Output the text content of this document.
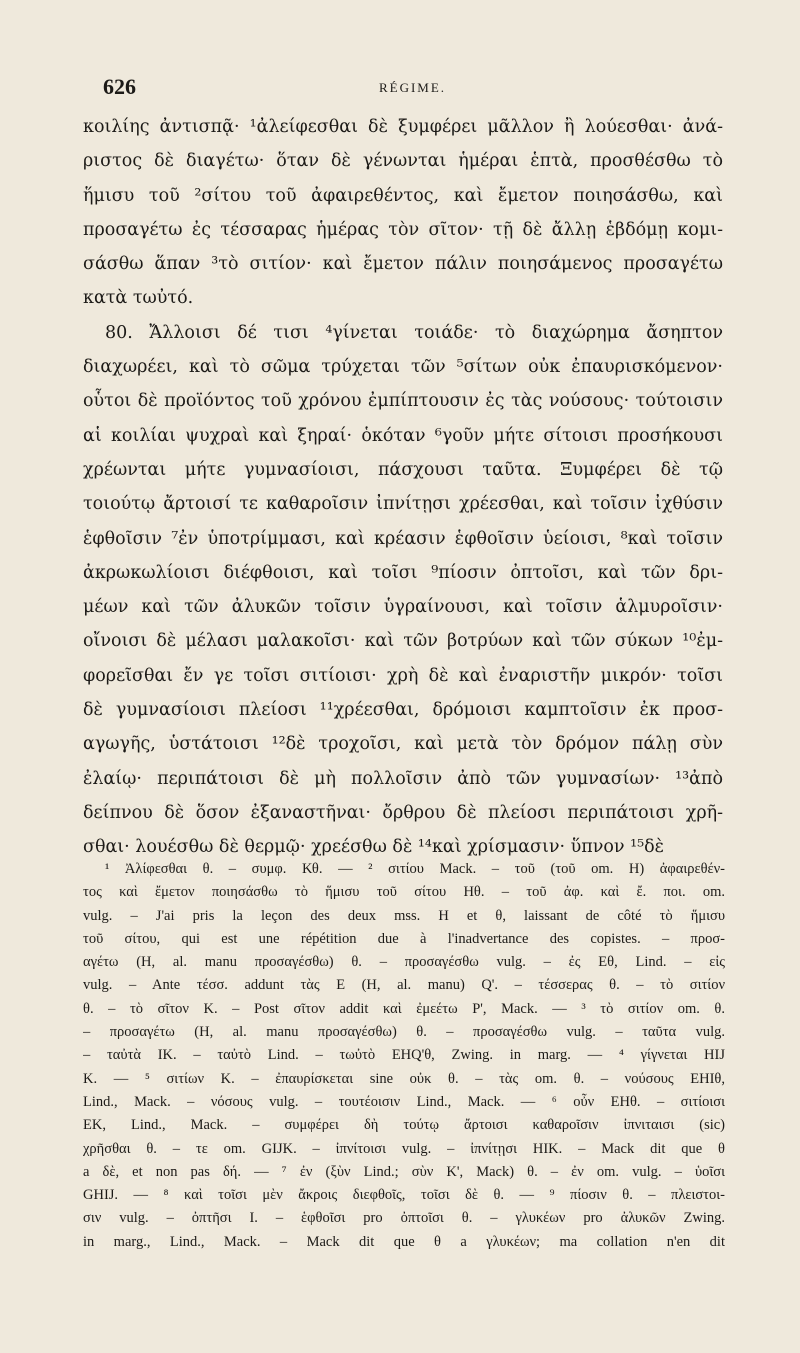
626	RÉGIME.
κοιλίης ἀντισπᾷ· ¹ἀλείφεσθαι δὲ ξυμφέρει μᾶλλον ἢ λούεσθαι· ἀνά-
ριστος δὲ διαγέτω· ὅταν δὲ γένωνται ἡμέραι ἑπτὰ, προσθέσθω τὸ
ἥμισυ τοῦ ²σίτου τοῦ ἀφαιρεθέντος, καὶ ἔμετον ποιησάσθω, καὶ
προσαγέτω ἐς τέσσαρας ἡμέρας τὸν σῖτον· τῇ δὲ ἄλλῃ ἑβδόμῃ κομι-
σάσθω ἅπαν ³τὸ σιτίον· καὶ ἔμετον πάλιν ποιησάμενος προσαγέτω
κατὰ τωὐτό.
80. Ἄλλοισι δέ τισι ⁴γίνεται τοιάδε· τὸ διαχώρημα ἄσηπτον
διαχωρέει, καὶ τὸ σῶμα τρύχεται τῶν ⁵σίτων οὐκ ἐπαυρισκόμενον·
οὗτοι δὲ προϊόντος τοῦ χρόνου ἐμπίπτουσιν ἐς τὰς νούσους· τούτοισιν
αἱ κοιλίαι ψυχραὶ καὶ ξηραί· ὁκόταν ⁶γοῦν μήτε σίτοισι προσήκουσι
χρέωνται μήτε γυμνασίοισι, πάσχουσι ταῦτα. Ξυμφέρει δὲ τῷ
τοιούτῳ ἄρτοισί τε καθαροῖσιν ἰπνίτῃσι χρέεσθαι, καὶ τοῖσιν ἰχθύσιν
ἑφθοῖσιν ⁷ἐν ὑποτρίμμασι, καὶ κρέασιν ἑφθοῖσιν ὑείοισι, ⁸καὶ τοῖσιν
ἀκρωκωλίοισι διέφθοισι, καὶ τοῖσι ⁹πίοσιν ὀπτοῖσι, καὶ τῶν δρι-
μέων καὶ τῶν ἀλυκῶν τοῖσιν ὑγραίνουσι, καὶ τοῖσιν ἁλμυροῖσιν·
οἴνοισι δὲ μέλασι μαλακοῖσι· καὶ τῶν βοτρύων καὶ τῶν σύκων ¹⁰ἐμ-
φορεῖσθαι ἔν γε τοῖσι σιτίοισι· χρὴ δὲ καὶ ἐναριστῆν μικρόν· τοῖσι
δὲ γυμνασίοισι πλείοσι ¹¹χρέεσθαι, δρόμοισι καμπτοῖσιν ἐκ προσ-
αγωγῆς, ὑστάτοισι ¹²δὲ τροχοῖσι, καὶ μετὰ τὸν δρόμον πάλῃ σὺν
ἐλαίῳ· περιπάτοισι δὲ μὴ πολλοῖσιν ἀπὸ τῶν γυμνασίων· ¹³ἀπὸ
δείπνου δὲ ὅσον ἐξαναστῆναι· ὄρθρου δὲ πλείοσι περιπάτοισι χρῆ-
σθαι· λουέσθω δὲ θερμῷ· χρεέσθω δὲ ¹⁴καὶ χρίσμασιν· ὕπνον ¹⁵δὲ
¹ Ἀλίφεσθαι θ. – συμφ. Κθ. — ² σιτίου Mack. – τοῦ (τοῦ om. H) ἀφαιρεθέν-
τος καὶ ἔμετον ποιησάσθω τὸ ἥμισυ τοῦ σίτου Ηθ. – τοῦ ἀφ. καὶ ἔ. ποι. om.
vulg. – J'ai pris la leçon des deux mss. H et θ, laissant de côté τὸ ἥμισυ
τοῦ σίτου, qui est une répétition due à l'inadvertance des copistes. – προσ-
αγέτω (H, al. manu προσαγέσθω) θ. – προσαγέσθω vulg. – ἐς Εθ, Lind. – εἰς
vulg. – Ante τέσσ. addunt τὰς E (H, al. manu) Q'. – τέσσερας θ. – τὸ σιτίον
θ. – τὸ σῖτον K. – Post σῖτον addit καὶ ἐμεέτω P', Mack. — ³ τὸ σιτίον om. θ.
– προσαγέτω (H, al. manu προσαγέσθω) θ. – προσαγέσθω vulg. – ταῦτα vulg.
– ταὐτὰ IK. – ταὐτὸ Lind. – τωὐτὸ EHQ'θ, Zwing. in marg. — ⁴ γίγνεται HIJ
K. — ⁵ σιτίων K. – ἐπαυρίσκεται sine οὐκ θ. – τὰς om. θ. – νούσους EHIθ,
Lind., Mack. – νόσους vulg. – τουτέοισιν Lind., Mack. — ⁶ οὖν EHθ. – σιτίοισι
EK, Lind., Mack. – συμφέρει δὴ τούτῳ ἄρτοισι καθαροῖσιν ἰπνιταισι (sic)
χρῆσθαι θ. – τε om. GIJK. – ἰπνίτοισι vulg. – ἰπνίτῃσι HIK. – Mack dit que θ
a δὲ, et non pas δή. — ⁷ ἐν (ξὺν Lind.; σὺν K', Mack) θ. – ἐν om. vulg. – ὑοῖσι
GHIJ. — ⁸ καὶ τοῖσι μὲν ἄκροις διεφθοῖς, τοῖσι δὲ θ. — ⁹ πίοσιν θ. – πλειστοι-
σιν vulg. – ὀπτῆσι I. – ἑφθοῖσι pro ὀπτοῖσι θ. – γλυκέων pro ἀλυκῶν Zwing.
in marg., Lind., Mack. – Mack dit que θ a γλυκέων; ma collation n'en dit
